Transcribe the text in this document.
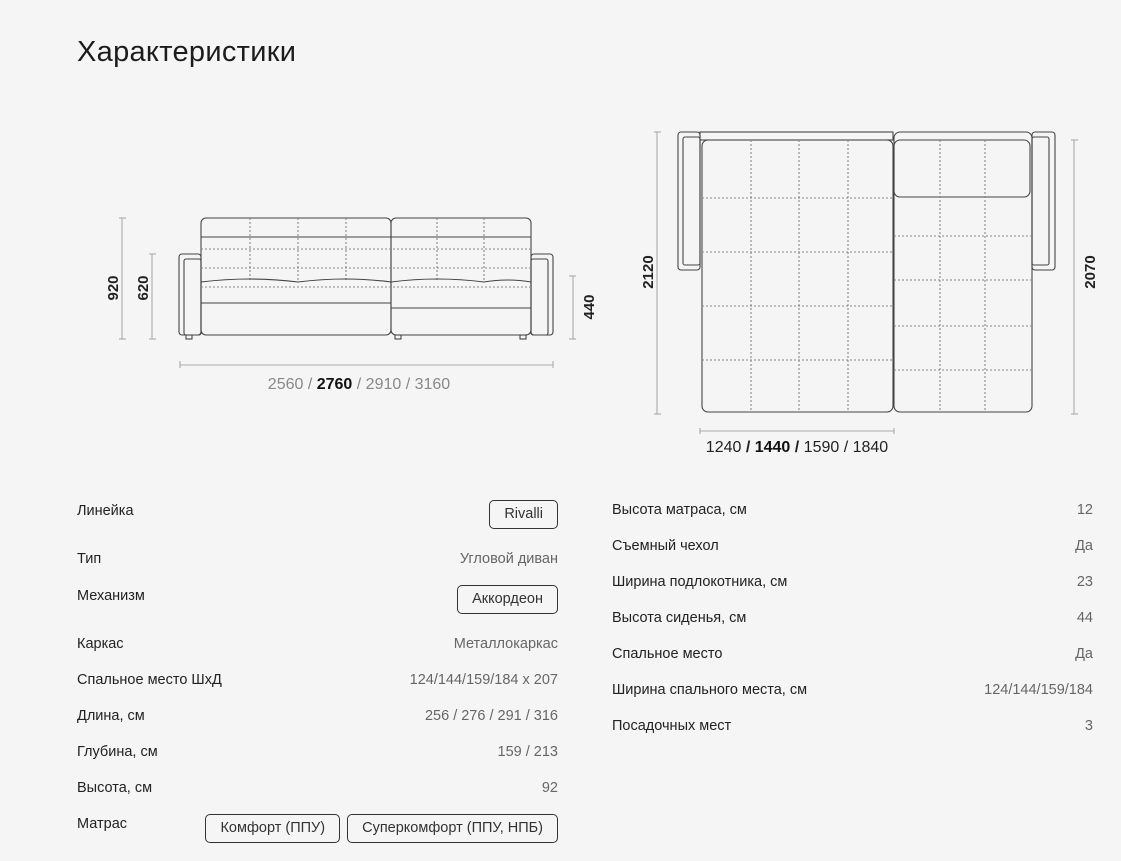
Характеристики
920 620
440
2120	2070
2560 / 2760 / 2910 / 3160
1240 / 1440 / 1590 / 1840
Линейка	Rivalli
Тип	Угловой диван
Механизм	Аккордеон
Каркас	Металлокаркас
Спальное место ШхД	124/144/159/184 x 207
Длина, см	256 / 276 / 291 / 316
Глубина, см	159 / 213
Высота, см	92
Матрас	Комфорт (ППУ)	Суперкомфорт (ППУ, НПБ)
Высота матраса, см	12
Съемный чехол	Да
Ширина подлокотника, см	23
Высота сиденья, см	44
Спальное место	Да
Ширина спального места, см	124/144/159/184
Посадочных мест	3
